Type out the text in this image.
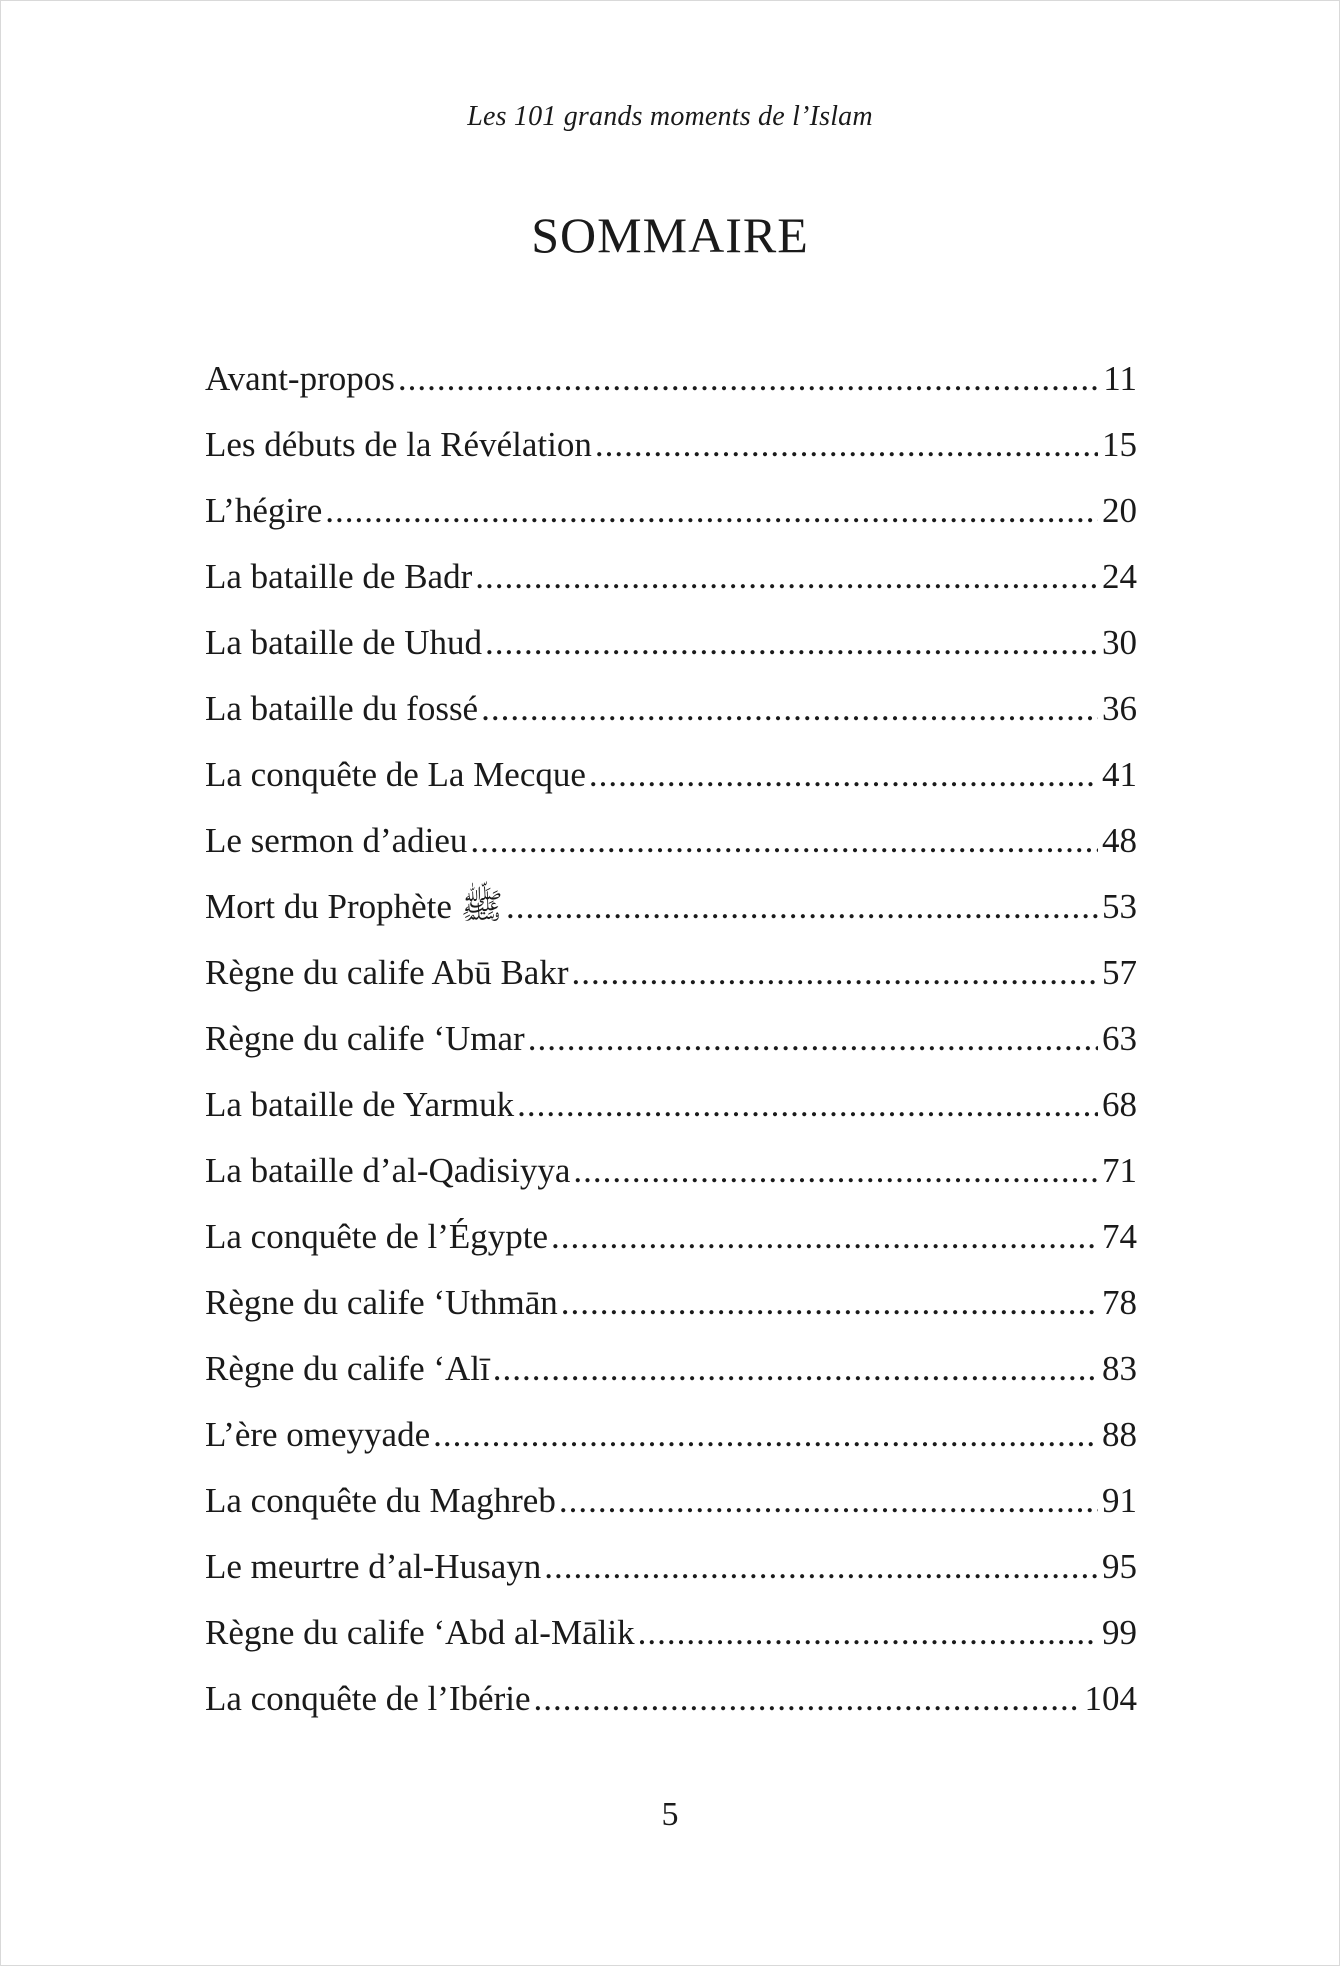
Les 101 grands moments de l’Islam
SOMMAIRE
Avant-propos .....	11
Les débuts de la Révélation .....	15
L’hégire .....	20
La bataille de Badr .....	24
La bataille de Uhud .....	30
La bataille du fossé .....	36
La conquête de La Mecque .....	41
Le sermon d’adieu .....	48
Mort du Prophète ﷺ .....	53
Règne du calife Abū Bakr .....	57
Règne du calife ‘Umar .....	63
La bataille de Yarmuk .....	68
La bataille d’al-Qadisiyya .....	71
La conquête de l’Égypte .....	74
Règne du calife ‘Uthmān .....	78
Règne du calife ‘Alī .....	83
L’ère omeyyade .....	88
La conquête du Maghreb .....	91
Le meurtre d’al-Husayn .....	95
Règne du calife ‘Abd al-Mālik .....	99
La conquête de l’Ibérie .....	104
5
